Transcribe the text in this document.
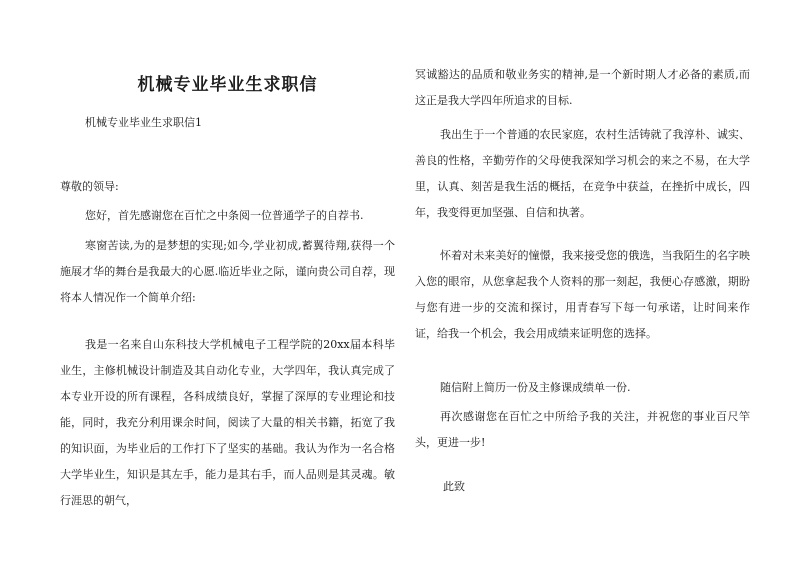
机械专业毕业生求职信
机械专业毕业生求职信1
尊敬的领导:

您好，首先感谢您在百忙之中条阅一位普通学子的自荐书.

寒窗苦读,为的是梦想的实现;如今,学业初成,蓄翼待翔,获得一个施展才华的舞台是我最大的心愿.临近毕业之际，谨向贵公司自荐，现将本人情况作一个简单介绍:

我是一名来自山东科技大学机械电子工程学院的20xx届本科毕业生，主修机械设计制造及其自动化专业，大学四年，我认真完成了本专业开设的所有课程，各科成绩良好，掌握了深厚的专业理论和技能，同时，我充分利用课余时间，阅读了大量的相关书籍，拓宽了我的知识面，为毕业后的工作打下了坚实的基础。我认为作为一名合格大学毕业生，知识是其左手，能力是其右手，而人品则是其灵魂。敏行涯思的朝气，

冥诚豁达的品质和敬业务实的精神,是一个新时期人才必备的素质,而这正是我大学四年所追求的目标.

我出生于一个普通的农民家庭，农村生活铸就了我淳朴、诚实、善良的性格，辛勤劳作的父母使我深知学习机会的来之不易，在大学里，认真、刻苦是我生活的概括，在竞争中获益，在挫折中成长，四年，我变得更加坚强、自信和执著。

怀着对未来美好的憧憬，我来接受您的俄选，当我陌生的名字映入您的眼帘，从您拿起我个人资料的那一刻起，我便心存感激，期盼与您有进一步的交流和探讨，用青春写下每一句承诺，让时间来作证，给我一个机会，我会用成绩来证明您的选择。

随信附上简历一份及主修课成绩单一份.

再次感谢您在百忙之中所给予我的关注，并祝您的事业百尺竿头，更进一步!

此致
